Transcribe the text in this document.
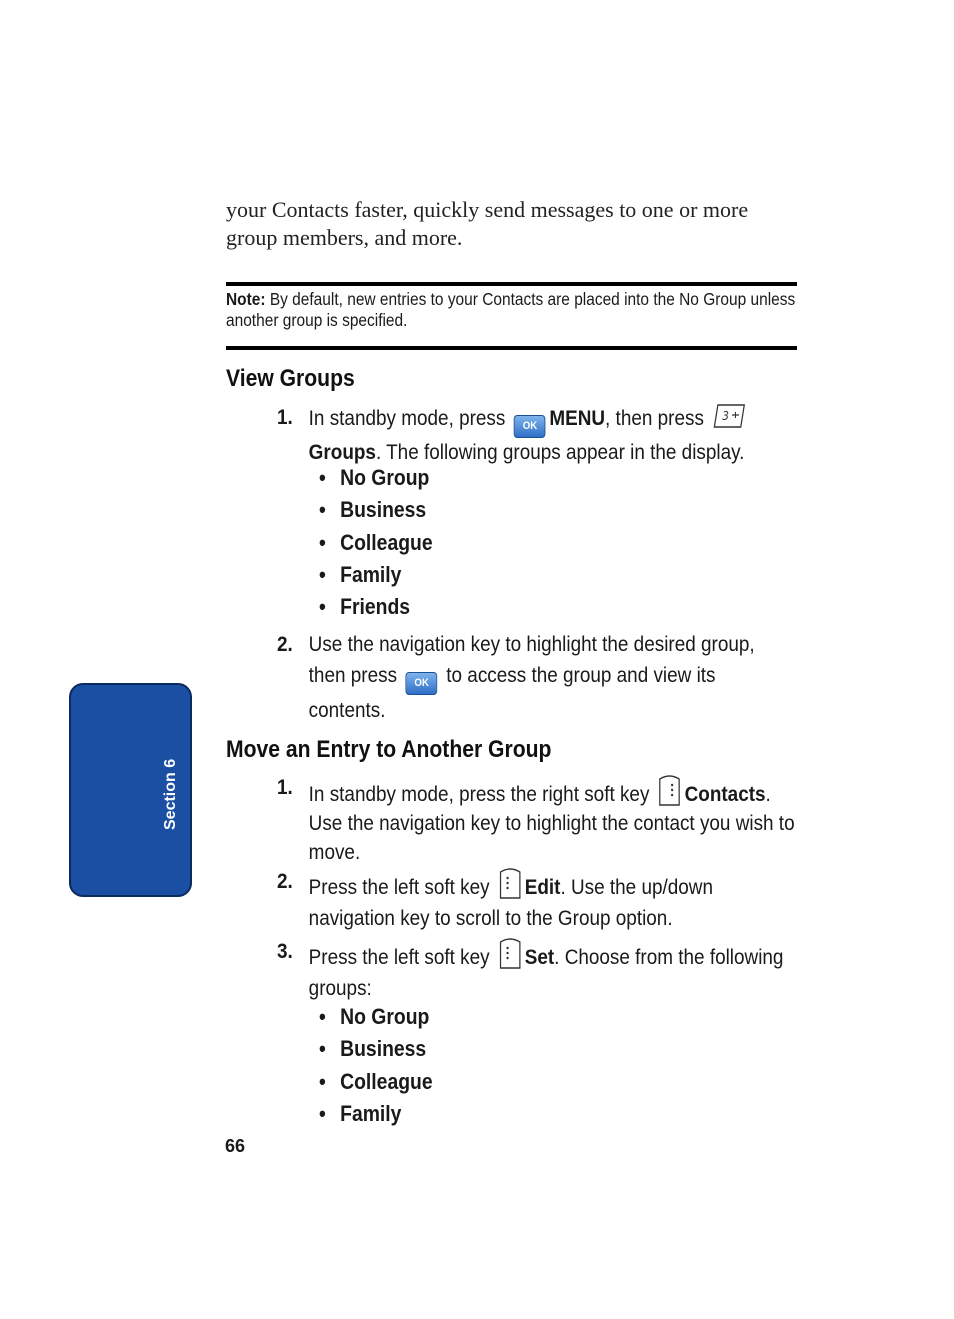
your Contacts faster, quickly send messages to one or more group members, and more.
Note: By default, new entries to your Contacts are placed into the No Group unless another group is specified.
View Groups
1. In standby mode, press OK MENU, then press 3

Groups. The following groups appear in the display.
• No Group
• Business
• Colleague
• Family
• Friends
2. Use the navigation key to highlight the desired group, then press OK to access the group and view its contents.
Move an Entry to Another Group
1. In standby mode, press the right soft key Contacts. Use the navigation key to highlight the contact you wish to move.
2. Press the left soft key Edit. Use the up/down navigation key to scroll to the Group option.
3. Press the left soft key Set. Choose from the following groups:
• No Group
• Business
• Colleague
• Family
Section 6
66
